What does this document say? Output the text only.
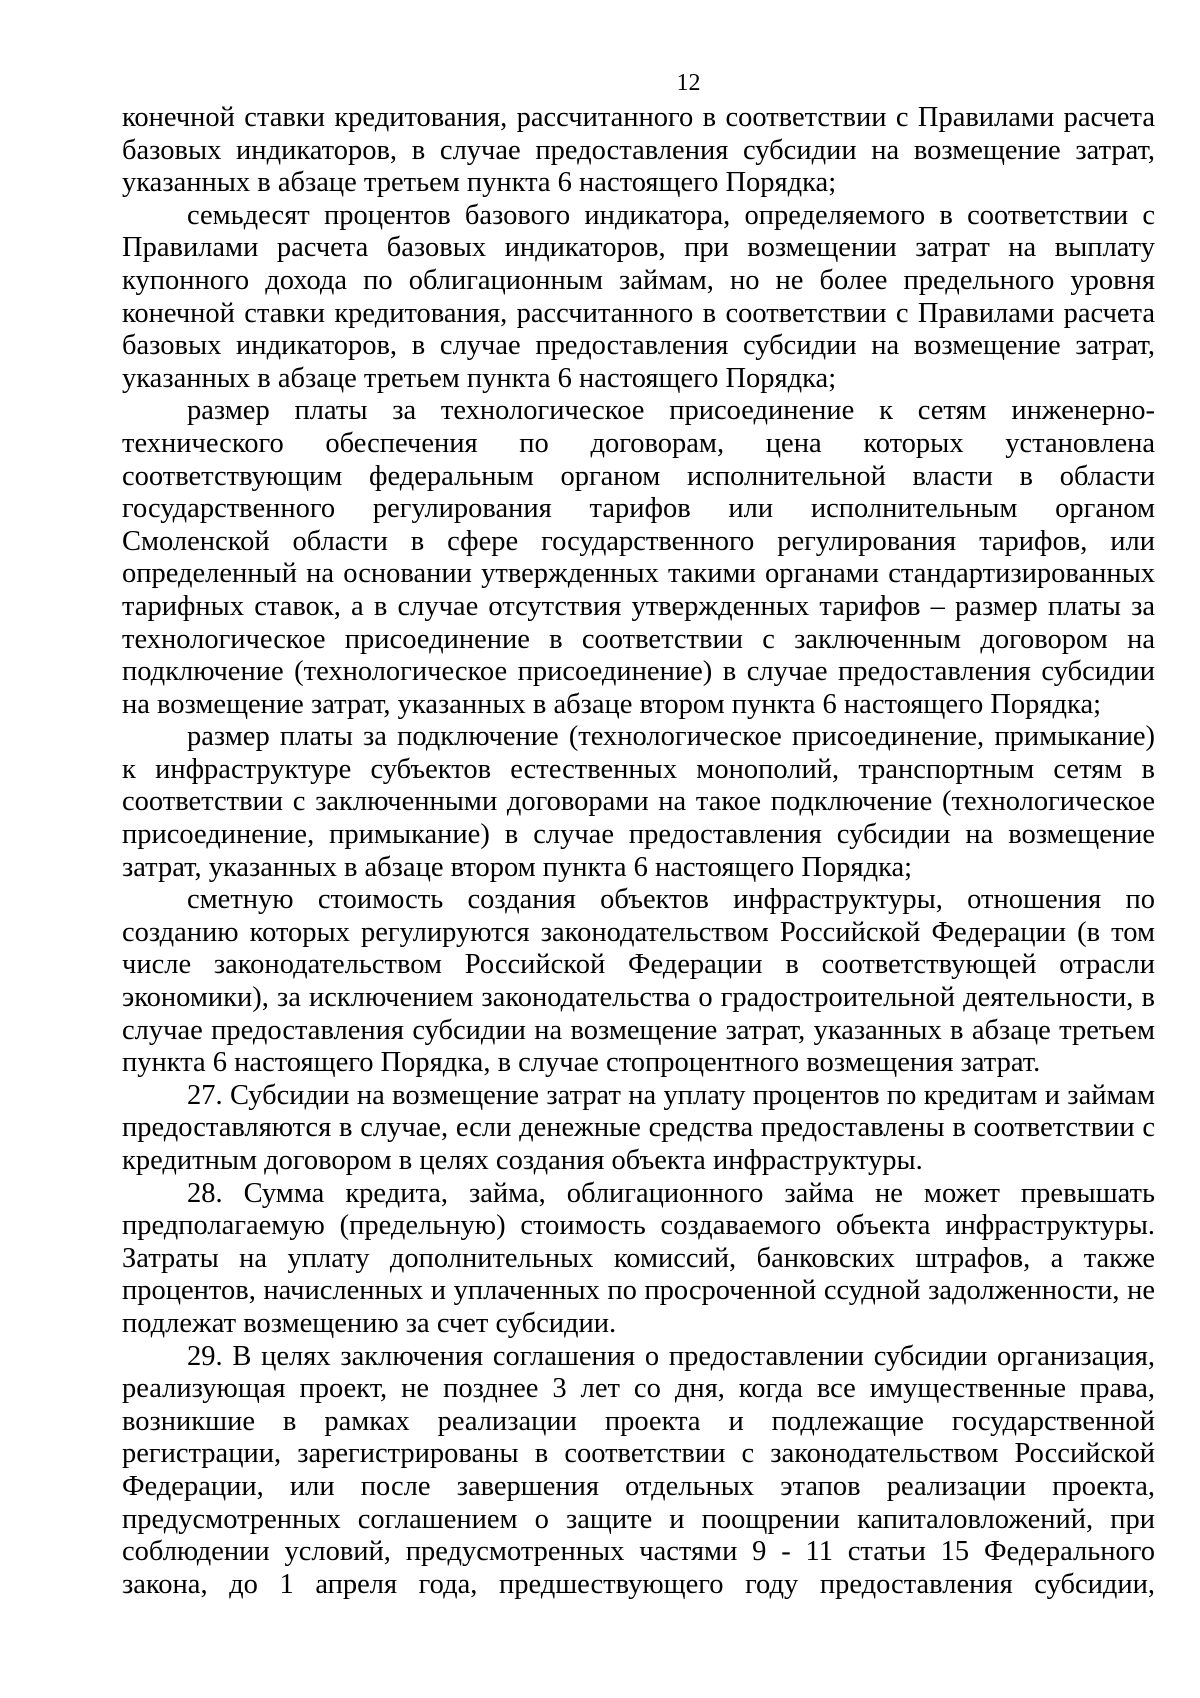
12

конечной ставки кредитования, рассчитанного в соответствии с Правилами расчета базовых индикаторов, в случае предоставления субсидии на возмещение затрат, указанных в абзаце третьем пункта 6 настоящего Порядка;

семьдесят процентов базового индикатора, определяемого в соответствии с Правилами расчета базовых индикаторов, при возмещении затрат на выплату купонного дохода по облигационным займам, но не более предельного уровня конечной ставки кредитования, рассчитанного в соответствии с Правилами расчета базовых индикаторов, в случае предоставления субсидии на возмещение затрат, указанных в абзаце третьем пункта 6 настоящего Порядка;

размер платы за технологическое присоединение к сетям инженерно-технического обеспечения по договорам, цена которых установлена соответствующим федеральным органом исполнительной власти в области государственного регулирования тарифов или исполнительным органом Смоленской области в сфере государственного регулирования тарифов, или определенный на основании утвержденных такими органами стандартизированных тарифных ставок, а в случае отсутствия утвержденных тарифов – размер платы за технологическое присоединение в соответствии с заключенным договором на подключение (технологическое присоединение) в случае предоставления субсидии на возмещение затрат, указанных в абзаце втором пункта 6 настоящего Порядка;

размер платы за подключение (технологическое присоединение, примыкание) к инфраструктуре субъектов естественных монополий, транспортным сетям в соответствии с заключенными договорами на такое подключение (технологическое присоединение, примыкание) в случае предоставления субсидии на возмещение затрат, указанных в абзаце втором пункта 6 настоящего Порядка;

сметную стоимость создания объектов инфраструктуры, отношения по созданию которых регулируются законодательством Российской Федерации (в том числе законодательством Российской Федерации в соответствующей отрасли экономики), за исключением законодательства о градостроительной деятельности, в случае предоставления субсидии на возмещение затрат, указанных в абзаце третьем пункта 6 настоящего Порядка, в случае стопроцентного возмещения затрат.

27. Субсидии на возмещение затрат на уплату процентов по кредитам и займам предоставляются в случае, если денежные средства предоставлены в соответствии с кредитным договором в целях создания объекта инфраструктуры.

28. Сумма кредита, займа, облигационного займа не может превышать предполагаемую (предельную) стоимость создаваемого объекта инфраструктуры. Затраты на уплату дополнительных комиссий, банковских штрафов, а также процентов, начисленных и уплаченных по просроченной ссудной задолженности, не подлежат возмещению за счет субсидии.

29. В целях заключения соглашения о предоставлении субсидии организация, реализующая проект, не позднее 3 лет со дня, когда все имущественные права, возникшие в рамках реализации проекта и подлежащие государственной регистрации, зарегистрированы в соответствии с законодательством Российской Федерации, или после завершения отдельных этапов реализации проекта, предусмотренных соглашением о защите и поощрении капиталовложений, при соблюдении условий, предусмотренных частями 9 - 11 статьи 15 Федерального закона, до 1 апреля года, предшествующего году предоставления субсидии,
